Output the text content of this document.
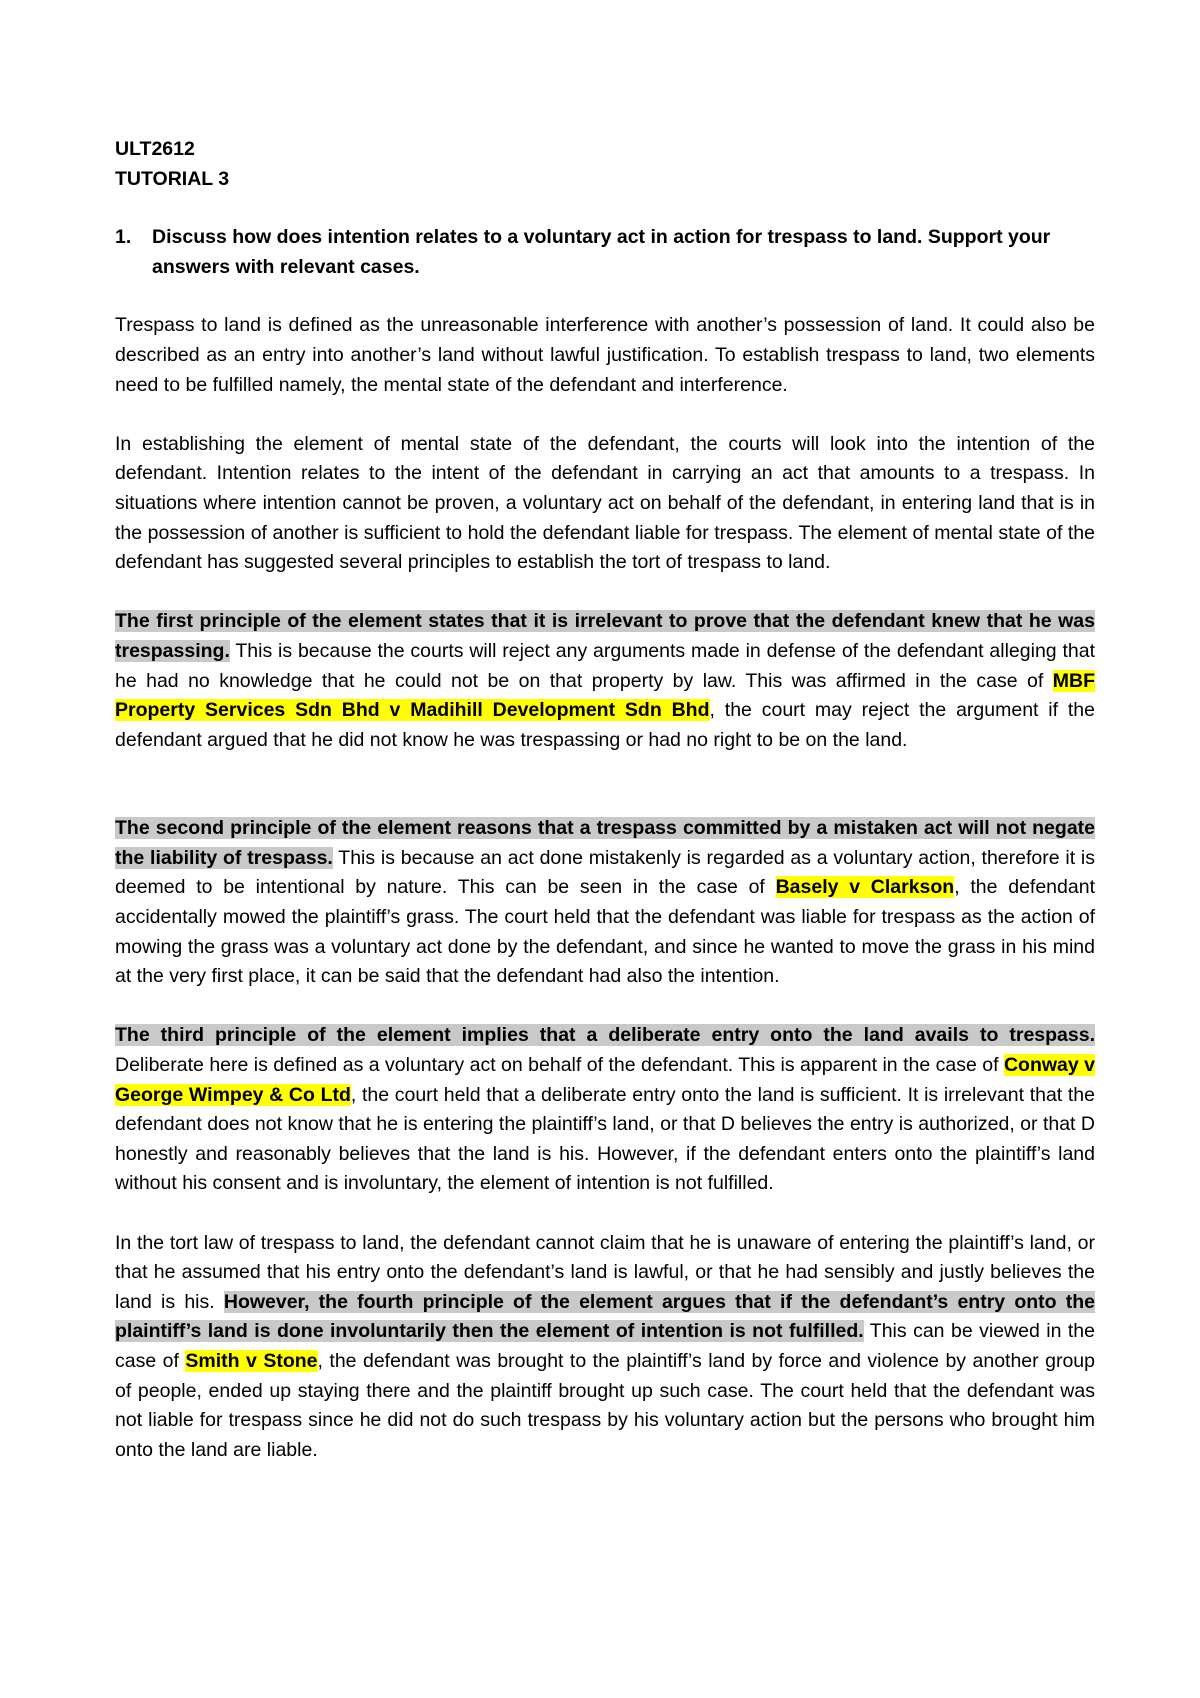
ULT2612

TUTORIAL 3

1.	Discuss how does intention relates to a voluntary act in action for trespass to land. Support your answers with relevant cases.

Trespass to land is defined as the unreasonable interference with another’s possession of land. It could also be described as an entry into another’s land without lawful justification. To establish trespass to land, two elements need to be fulfilled namely, the mental state of the defendant and interference.

In establishing the element of mental state of the defendant, the courts will look into the intention of the defendant. Intention relates to the intent of the defendant in carrying an act that amounts to a trespass. In situations where intention cannot be proven, a voluntary act on behalf of the defendant, in entering land that is in the possession of another is sufficient to hold the defendant liable for trespass. The element of mental state of the defendant has suggested several principles to establish the tort of trespass to land.

The first principle of the element states that it is irrelevant to prove that the defendant knew that he was trespassing. This is because the courts will reject any arguments made in defense of the defendant alleging that he had no knowledge that he could not be on that property by law. This was affirmed in the case of MBF Property Services Sdn Bhd v Madihill Development Sdn Bhd, the court may reject the argument if the defendant argued that he did not know he was trespassing or had no right to be on the land.

The second principle of the element reasons that a trespass committed by a mistaken act will not negate the liability of trespass. This is because an act done mistakenly is regarded as a voluntary action, therefore it is deemed to be intentional by nature. This can be seen in the case of Basely v Clarkson, the defendant accidentally mowed the plaintiff’s grass. The court held that the defendant was liable for trespass as the action of mowing the grass was a voluntary act done by the defendant, and since he wanted to move the grass in his mind at the very first place, it can be said that the defendant had also the intention.

The third principle of the element implies that a deliberate entry onto the land avails to trespass. Deliberate here is defined as a voluntary act on behalf of the defendant. This is apparent in the case of Conway v George Wimpey & Co Ltd, the court held that a deliberate entry onto the land is sufficient. It is irrelevant that the defendant does not know that he is entering the plaintiff’s land, or that D believes the entry is authorized, or that D honestly and reasonably believes that the land is his. However, if the defendant enters onto the plaintiff’s land without his consent and is involuntary, the element of intention is not fulfilled.

In the tort law of trespass to land, the defendant cannot claim that he is unaware of entering the plaintiff’s land, or that he assumed that his entry onto the defendant’s land is lawful, or that he had sensibly and justly believes the land is his. However, the fourth principle of the element argues that if the defendant’s entry onto the plaintiff’s land is done involuntarily then the element of intention is not fulfilled. This can be viewed in the case of Smith v Stone, the defendant was brought to the plaintiff’s land by force and violence by another group of people, ended up staying there and the plaintiff brought up such case. The court held that the defendant was not liable for trespass since he did not do such trespass by his voluntary action but the persons who brought him onto the land are liable.
